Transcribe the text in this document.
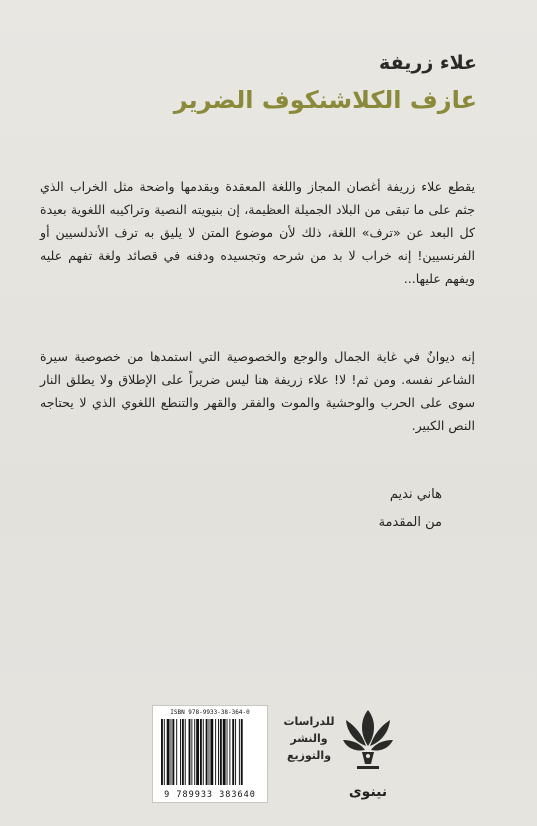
علاء زريفة
عازف الكلاشنكوف الضرير
يقطع علاء زريفة أغصان المجاز واللغة المعقدة ويقدمها واضحة مثل الخراب الذي جثم على ما تبقى من البلاد الجميلة العظيمة، إن بنيويته النصية وتراكيبه اللغوية بعيدة كل البعد عن «ترف» اللغة، ذلك لأن موضوع المتن لا يليق به ترف الأندلسيين أو الفرنسيين! إنه خراب لا بد من شرحه وتجسيده ودفنه في قصائد ولغة تفهم عليه ويفهم عليها...
إنه ديوانٌ في غاية الجمال والوجع والخصوصية التي استمدها من خصوصية سيرة الشاعر نفسه. ومن ثم! لا! علاء زريفة هنا ليس ضريراً على الإطلاق ولا يطلق النار سوى على الحرب والوحشية والموت والفقر والقهر والتنطع اللغوي الذي لا يحتاجه النص الكبير.
هاني نديم
من المقدمة
ISBN 978-9933-38-364-0
9 789933 383640
للدراسات
والنشر
والتوزيع
نينوى
